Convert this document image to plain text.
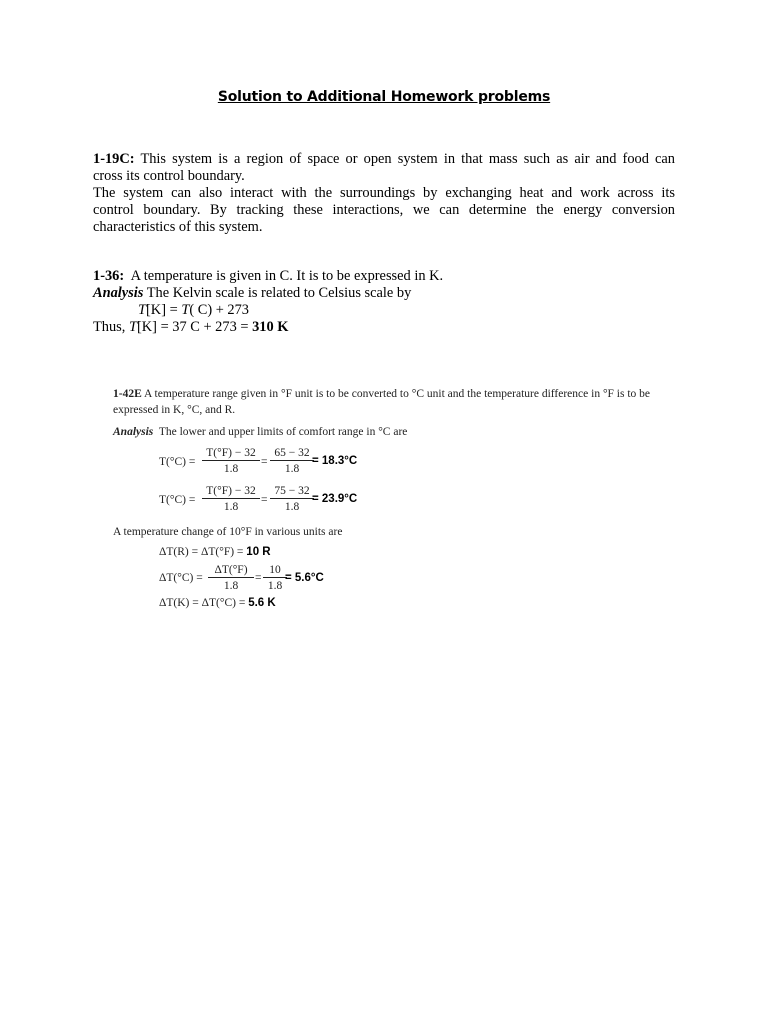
Solution to Additional Homework problems
1-19C: This system is a region of space or open system in that mass such as air and food can
cross its control boundary.
The system can also interact with the surroundings by exchanging heat and work across its
control boundary. By tracking these interactions, we can determine the energy conversion
characteristics of this system.
1-36: A temperature is given in C. It is to be expressed in K.
Analysis The Kelvin scale is related to Celsius scale by
T[K] = T( C) + 273
Thus, T[K] = 37 C + 273 = 310 K
1-42E A temperature range given in °F unit is to be converted to °C unit and the temperature difference in °F is to be
expressed in K, °C, and R.
Analysis The lower and upper limits of comfort range in °C are
$T(^\circ C) = \frac{T(^\circ F) - 32}{1.8} = \frac{65 - 32}{1.8}$
= 18.3°C
$T(^\circ C) = \frac{T(^\circ F) - 32}{1.8} = \frac{75 - 32}{1.8}$
= 23.9°C
A temperature change of 10°F in various units are
ΔT(R) = ΔT(°F) = 10 R
$\Delta T(^\circ C) = \frac{\Delta T(^\circ F)}{1.8} = \frac{10}{1.8}$
= 5.6°C
ΔT(K) = ΔT(°C) = 5.6 K
